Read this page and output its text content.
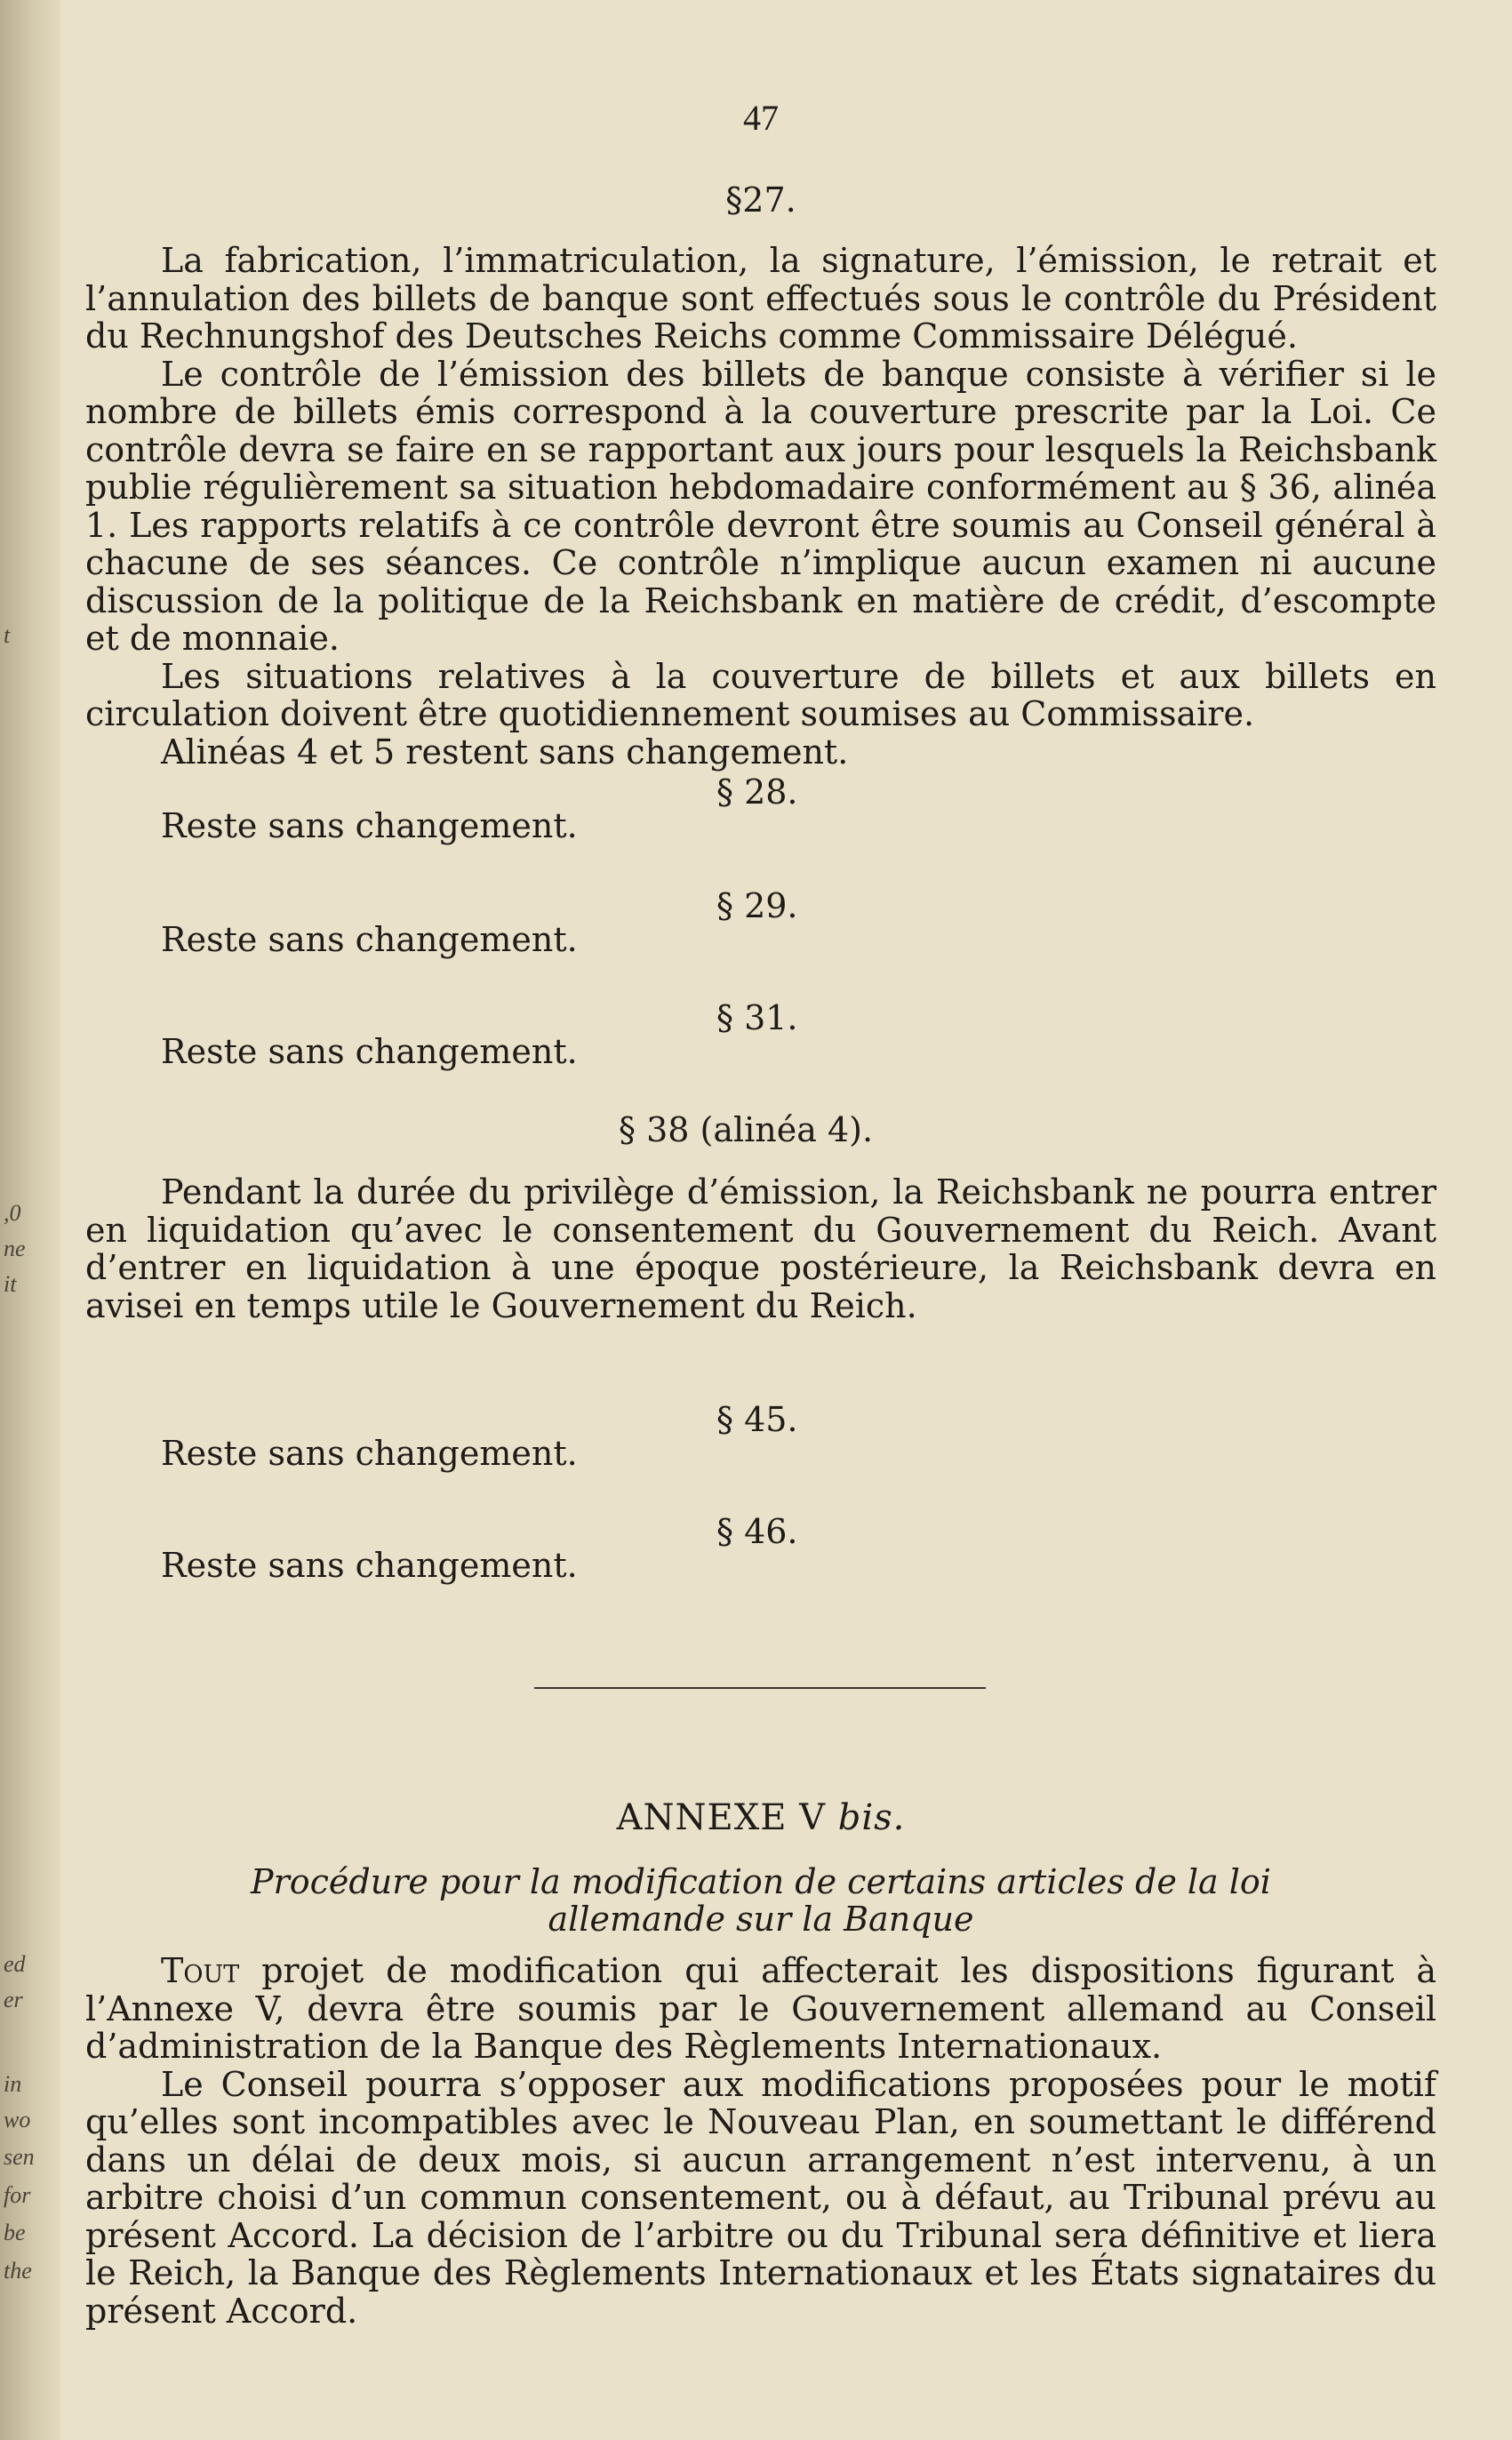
t
,0
ne
it
ed
er
in
wo
sen
for
be
the
47
§27.

La fabrication, l’immatriculation, la signature, l’émission, le retrait et l’annulation des billets de banque sont effectués sous le contrôle du Président du Rechnungshof des Deutsches Reichs comme Commissaire Délégué.

Le contrôle de l’émission des billets de banque consiste à vérifier si le nombre de billets émis correspond à la couverture prescrite par la Loi. Ce contrôle devra se faire en se rapportant aux jours pour lesquels la Reichsbank publie régulièrement sa situation hebdomadaire conformément au § 36, alinéa 1. Les rapports relatifs à ce contrôle devront être soumis au Conseil général à chacune de ses séances. Ce contrôle n’implique aucun examen ni aucune discussion de la politique de la Reichsbank en matière de crédit, d’escompte et de monnaie.

Les situations relatives à la couverture de billets et aux billets en circulation doivent être quotidiennement soumises au Commissaire.

Alinéas 4 et 5 restent sans changement.

§ 28.
Reste sans changement.
§ 29.
Reste sans changement.
§ 31.
Reste sans changement.
§ 38 (alinéa 4).

Pendant la durée du privilège d’émission, la Reichsbank ne pourra entrer en liquidation qu’avec le consentement du Gouvernement du Reich. Avant d’entrer en liquidation à une époque postérieure, la Reichsbank devra en avisei en temps utile le Gouvernement du Reich.

§ 45.
Reste sans changement.
§ 46.
Reste sans changement.
ANNEXE V bis.
Procédure pour la modification de certains articles de la loi allemande sur la Banque

Tout projet de modification qui affecterait les dispositions figurant à l’Annexe V, devra être soumis par le Gouvernement allemand au Conseil d’administration de la Banque des Règlements Internationaux.

Le Conseil pourra s’opposer aux modifications proposées pour le motif qu’elles sont incompatibles avec le Nouveau Plan, en soumettant le différend dans un délai de deux mois, si aucun arrangement n’est intervenu, à un arbitre choisi d’un commun consentement, ou à défaut, au Tribunal prévu au présent Accord. La décision de l’arbitre ou du Tribunal sera définitive et liera le Reich, la Banque des Règlements Internationaux et les États signataires du présent Accord.
